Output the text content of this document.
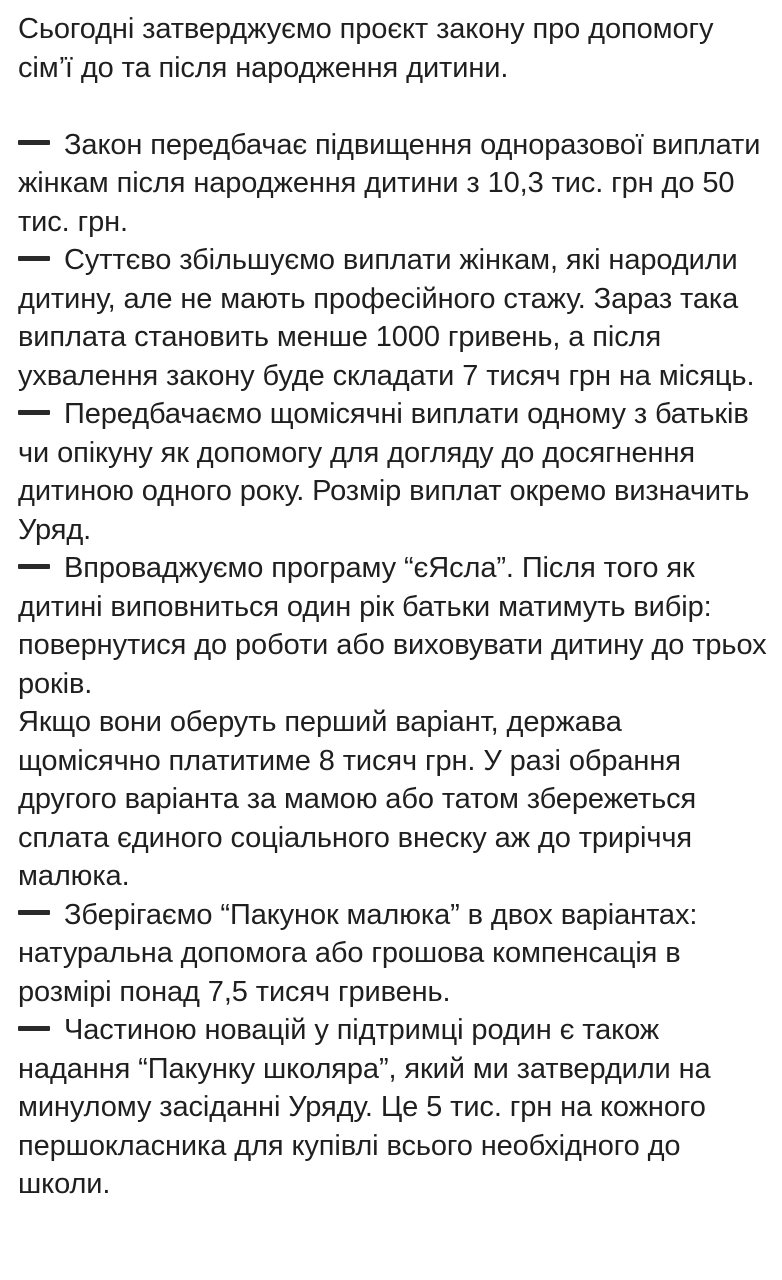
Сьогодні затверджуємо проєкт закону про допомогу сім’ї до та після народження дитини.

Закон передбачає підвищення одноразової виплати жінкам після народження дитини з 10,3 тис. грн до 50 тис. грн.

Суттєво збільшуємо виплати жінкам, які народили дитину, але не мають професійного стажу. Зараз така виплата становить менше 1000 гривень, а після ухвалення закону буде складати 7 тисяч грн на місяць.

Передбачаємо щомісячні виплати одному з батьків чи опікуну як допомогу для догляду до досягнення дитиною одного року. Розмір виплат окремо визначить Уряд.

Впроваджуємо програму “єЯсла”. Після того як дитині виповниться один рік батьки матимуть вибір: повернутися до роботи або виховувати дитину до трьох років.

Якщо вони оберуть перший варіант, держава щомісячно платитиме 8 тисяч грн. У разі обрання другого варіанта за мамою або татом збережеться сплата єдиного соціального внеску аж до триріччя малюка.

Зберігаємо “Пакунок малюка” в двох варіантах: натуральна допомога або грошова компенсація в розмірі понад 7,5 тисяч гривень.

Частиною новацій у підтримці родин є також надання “Пакунку школяра”, який ми затвердили на минулому засіданні Уряду. Це 5 тис. грн на кожного першокласника для купівлі всього необхідного до школи.
